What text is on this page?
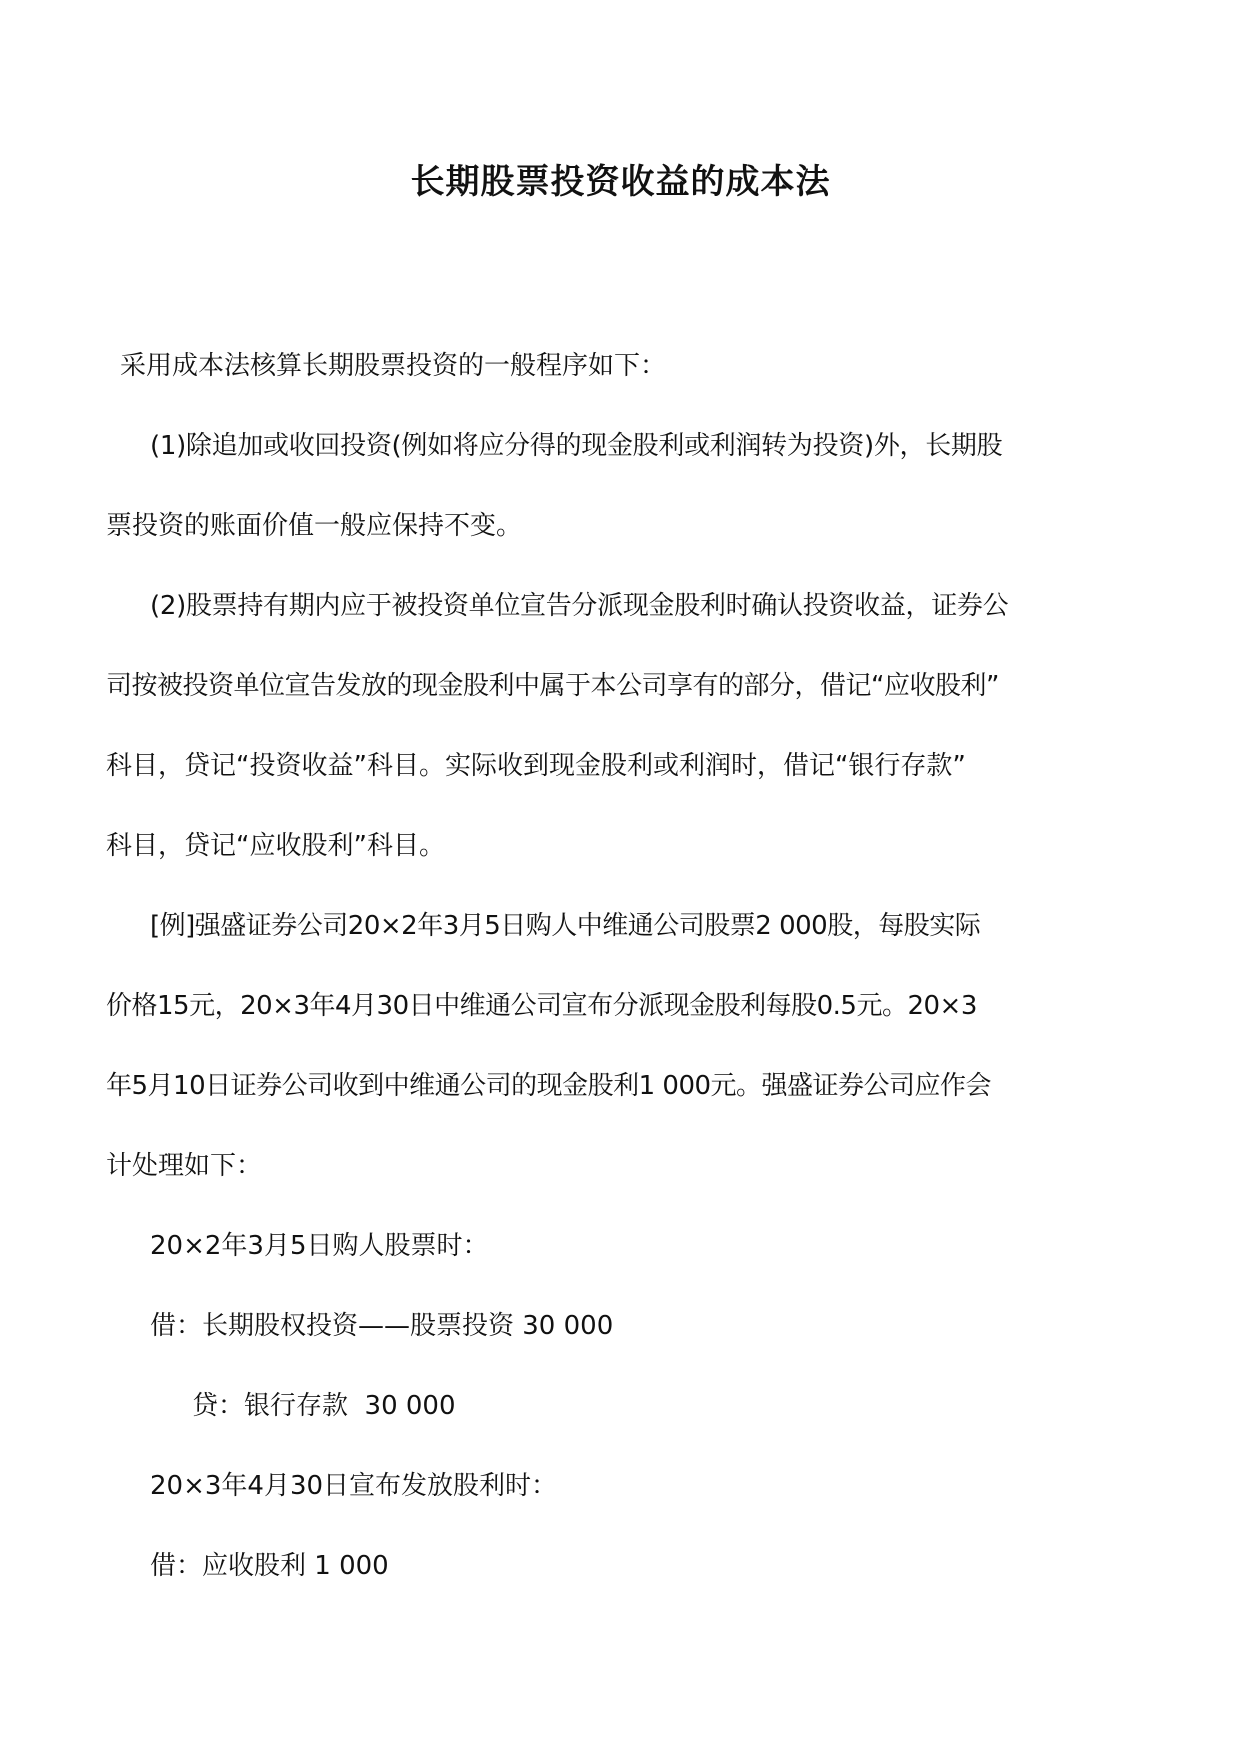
长期股票投资收益的成本法

采用成本法核算长期股票投资的一般程序如下：

(1)除追加或收回投资(例如将应分得的现金股利或利润转为投资)外，长期股

票投资的账面价值一般应保持不变。

(2)股票持有期内应于被投资单位宣告分派现金股利时确认投资收益，证券公

司按被投资单位宣告发放的现金股利中属于本公司享有的部分，借记“应收股利”

科目，贷记“投资收益”科目。实际收到现金股利或利润时，借记“银行存款”

科目，贷记“应收股利”科目。

[例]强盛证券公司20×2年3月5日购人中维通公司股票2 000股，每股实际

价格15元，20×3年4月30日中维通公司宣布分派现金股利每股0.5元。20×3

年5月10日证券公司收到中维通公司的现金股利1 000元。强盛证券公司应作会

计处理如下：

20×2年3月5日购人股票时：

借：长期股权投资——股票投资 30 000

贷：银行存款  30 000

20×3年4月30日宣布发放股利时：

借：应收股利 1 000
